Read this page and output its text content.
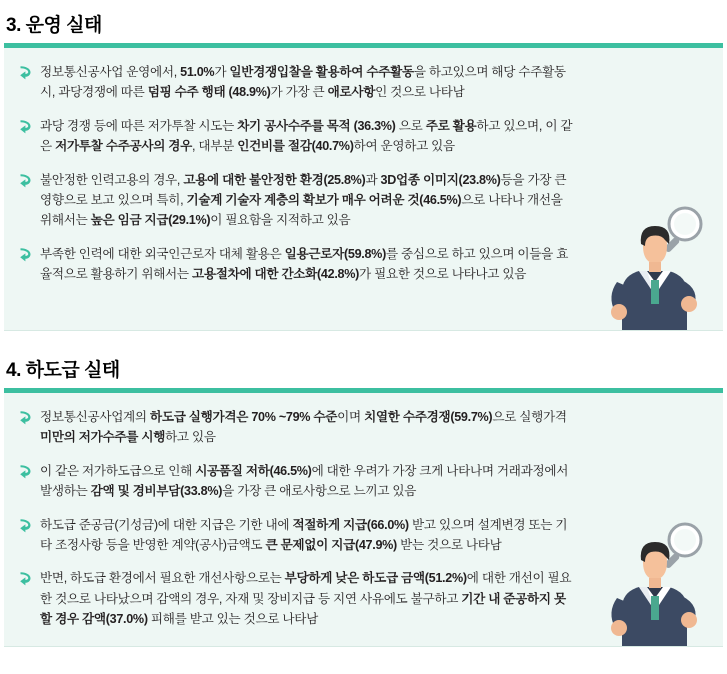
3. 운영 실태
정보통신공사업 운영에서, 51.0%가 일반경쟁입찰을 활용하여 수주활동을 하고있으며 해당 수주활동 시, 과당경쟁에 따른 덤핑 수주 행태 (48.9%)가 가장 큰 애로사항인 것으로 나타남
과당 경쟁 등에 따른 저가투찰 시도는 차기 공사수주를 목적 (36.3%) 으로 주로 활용하고 있으며, 이 같은 저가투찰 수주공사의 경우, 대부분 인건비를 절감(40.7%)하여 운영하고 있음
불안정한 인력고용의 경우, 고용에 대한 불안정한 환경(25.8%)과 3D업종 이미지(23.8%)등을 가장 큰 영향으로 보고 있으며 특히, 기술계 기술자 계층의 확보가 매우 어려운 것(46.5%)으로 나타나 개선을 위해서는 높은 임금 지급(29.1%)이 필요함을 지적하고 있음
부족한 인력에 대한 외국인근로자 대체 활용은 일용근로자(59.8%)를 중심으로 하고 있으며 이들을 효율적으로 활용하기 위해서는 고용절차에 대한 간소화(42.8%)가 필요한 것으로 나타나고 있음
4. 하도급 실태
정보통신공사업계의 하도급 실행가격은 70% ~79% 수준이며 치열한 수주경쟁(59.7%)으로 실행가격 미만의 저가수주를 시행하고 있음
이 같은 저가하도급으로 인해 시공품질 저하(46.5%)에 대한 우려가 가장 크게 나타나며 거래과정에서 발생하는 감액 및 경비부담(33.8%)을 가장 큰 애로사항으로 느끼고 있음
하도급 준공금(기성금)에 대한 지급은 기한 내에 적절하게 지급(66.0%) 받고 있으며 설계변경 또는 기타 조정사항 등을 반영한 계약(공사)금액도 큰 문제없이 지급(47.9%) 받는 것으로 나타남
반면, 하도급 환경에서 필요한 개선사항으로는 부당하게 낮은 하도급 금액(51.2%)에 대한 개선이 필요한 것으로 나타났으며 감액의 경우, 자재 및 장비지급 등 지연 사유에도 불구하고 기간 내 준공하지 못할 경우 감액(37.0%) 피해를 받고 있는 것으로 나타남
